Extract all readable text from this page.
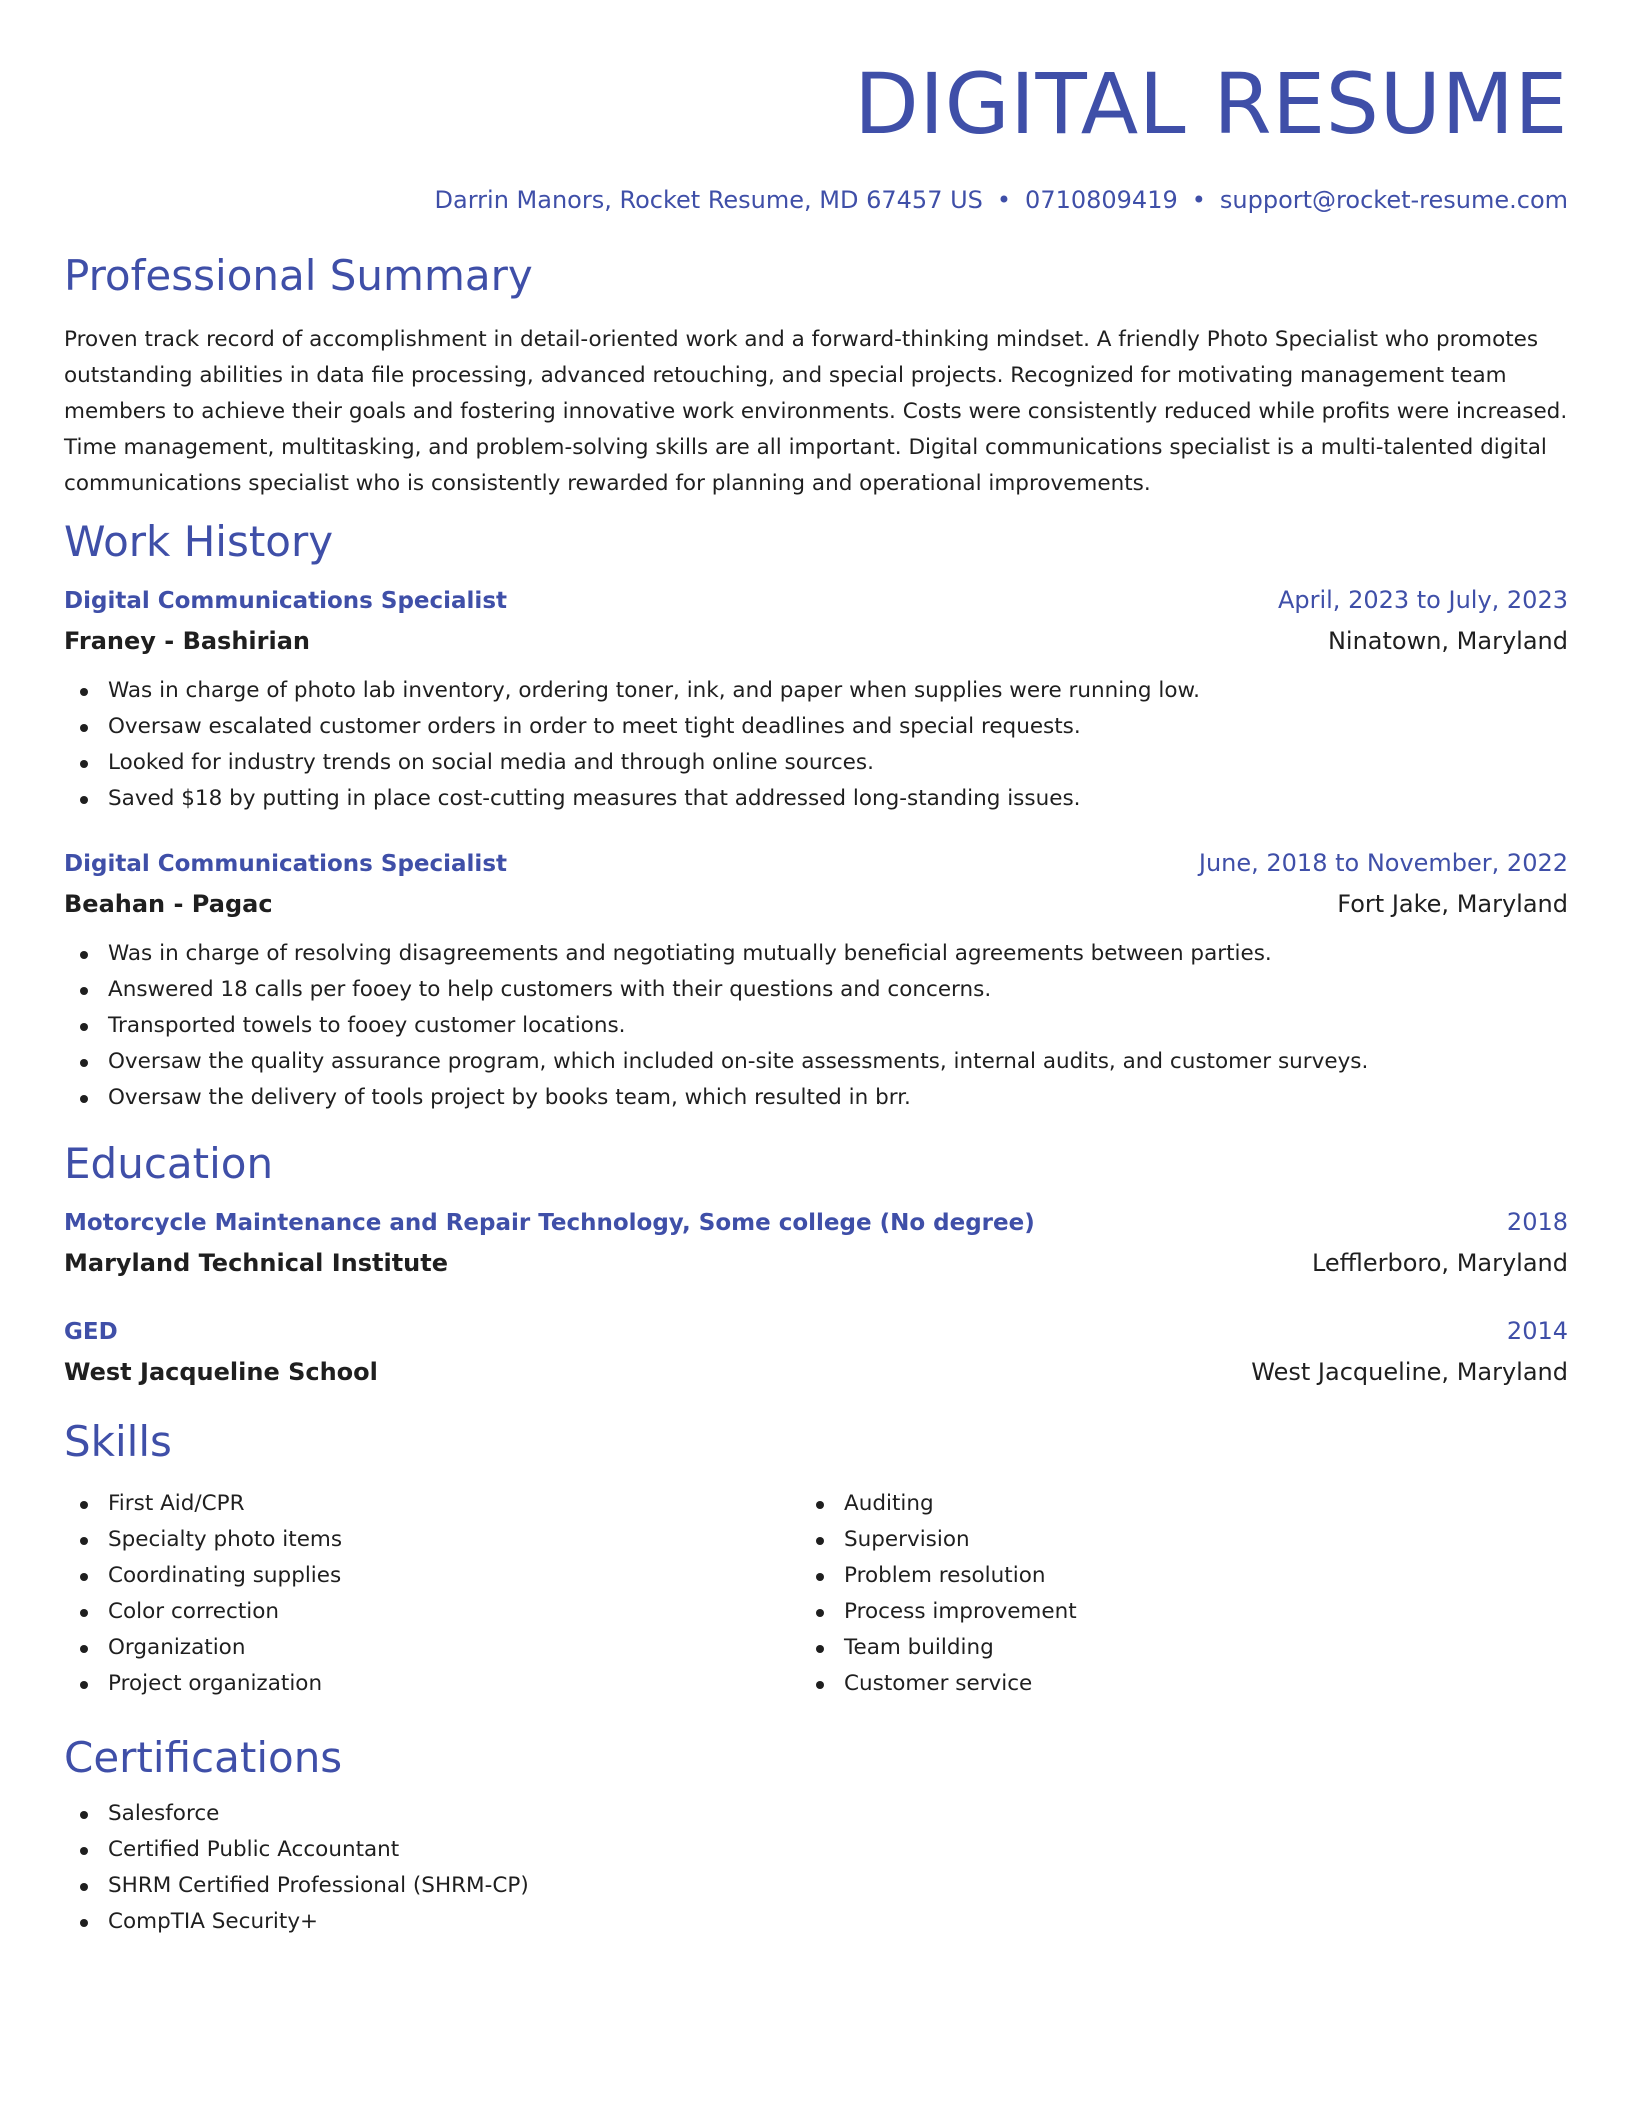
DIGITAL RESUME
Darrin Manors, Rocket Resume, MD 67457 US • 0710809419 • support@rocket-resume.com
Professional Summary

Proven track record of accomplishment in detail-oriented work and a forward-thinking mindset. A friendly Photo Specialist who promotes outstanding abilities in data file processing, advanced retouching, and special projects. Recognized for motivating management team members to achieve their goals and fostering innovative work environments. Costs were consistently reduced while profits were increased. Time management, multitasking, and problem-solving skills are all important. Digital communications specialist is a multi-talented digital communications specialist who is consistently rewarded for planning and operational improvements.

Work History
Digital Communications Specialist	April, 2023 to July, 2023
Franey - Bashirian	Ninatown, Maryland
Was in charge of photo lab inventory, ordering toner, ink, and paper when supplies were running low.
Oversaw escalated customer orders in order to meet tight deadlines and special requests.
Looked for industry trends on social media and through online sources.
Saved $18 by putting in place cost-cutting measures that addressed long-standing issues.
Digital Communications Specialist	June, 2018 to November, 2022
Beahan - Pagac	Fort Jake, Maryland
Was in charge of resolving disagreements and negotiating mutually beneficial agreements between parties.
Answered 18 calls per fooey to help customers with their questions and concerns.
Transported towels to fooey customer locations.
Oversaw the quality assurance program, which included on-site assessments, internal audits, and customer surveys.
Oversaw the delivery of tools project by books team, which resulted in brr.
Education
Motorcycle Maintenance and Repair Technology, Some college (No degree)	2018
Maryland Technical Institute	Lefflerboro, Maryland
GED	2014
West Jacqueline School	West Jacqueline, Maryland
Skills
First Aid/CPR
Specialty photo items
Coordinating supplies
Color correction
Organization
Project organization
Auditing
Supervision
Problem resolution
Process improvement
Team building
Customer service
Certifications
Salesforce
Certified Public Accountant
SHRM Certified Professional (SHRM-CP)
CompTIA Security+
